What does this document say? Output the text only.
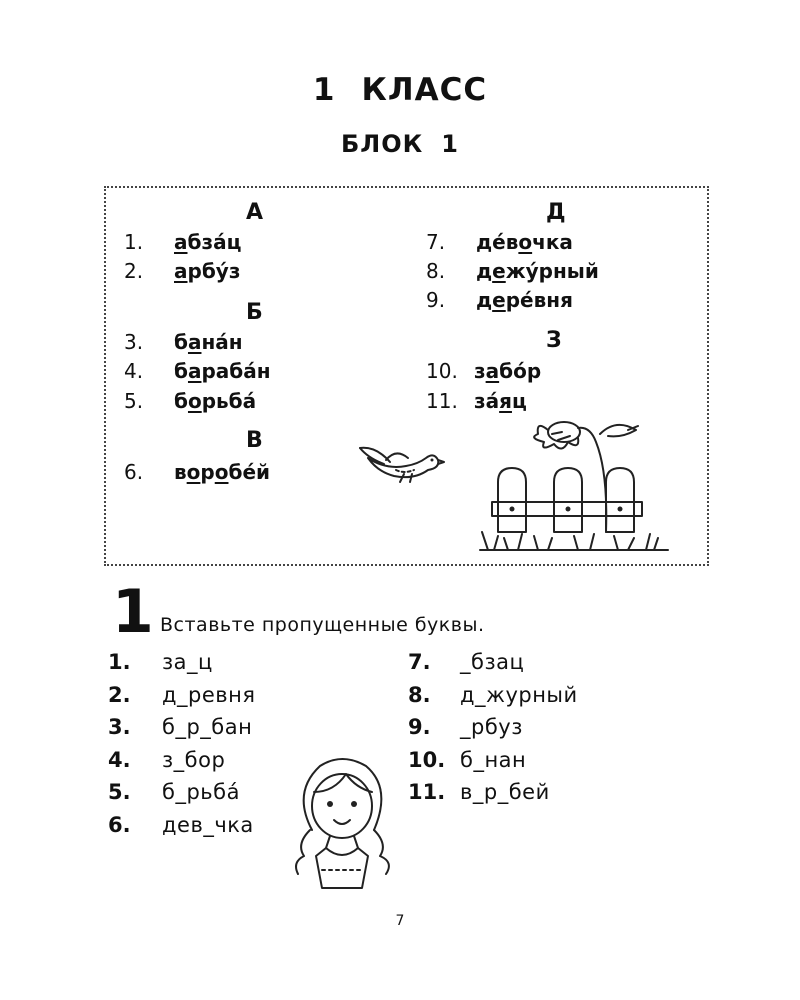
1 КЛАСС
БЛОК 1
А
Б
В
Д
З
1.	абза́ц
2.	арбу́з
3.	бана́н
4.	бараба́н
5.	борьба́
6.	воробе́й
7.	де́вочка
8.	дежу́рный
9.	дере́вня
10. забо́р
11. за́яц
1 Вставьте пропущенные буквы.
1.	за_ц
2.	д_ревня
3.	б_р_бан
4.	з_бор
5.	б_рьба́
6.	дев_чка
7.	_бзац
8.	д_журный
9.	_рбуз
10. б_нан
11. в_р_бей
7
